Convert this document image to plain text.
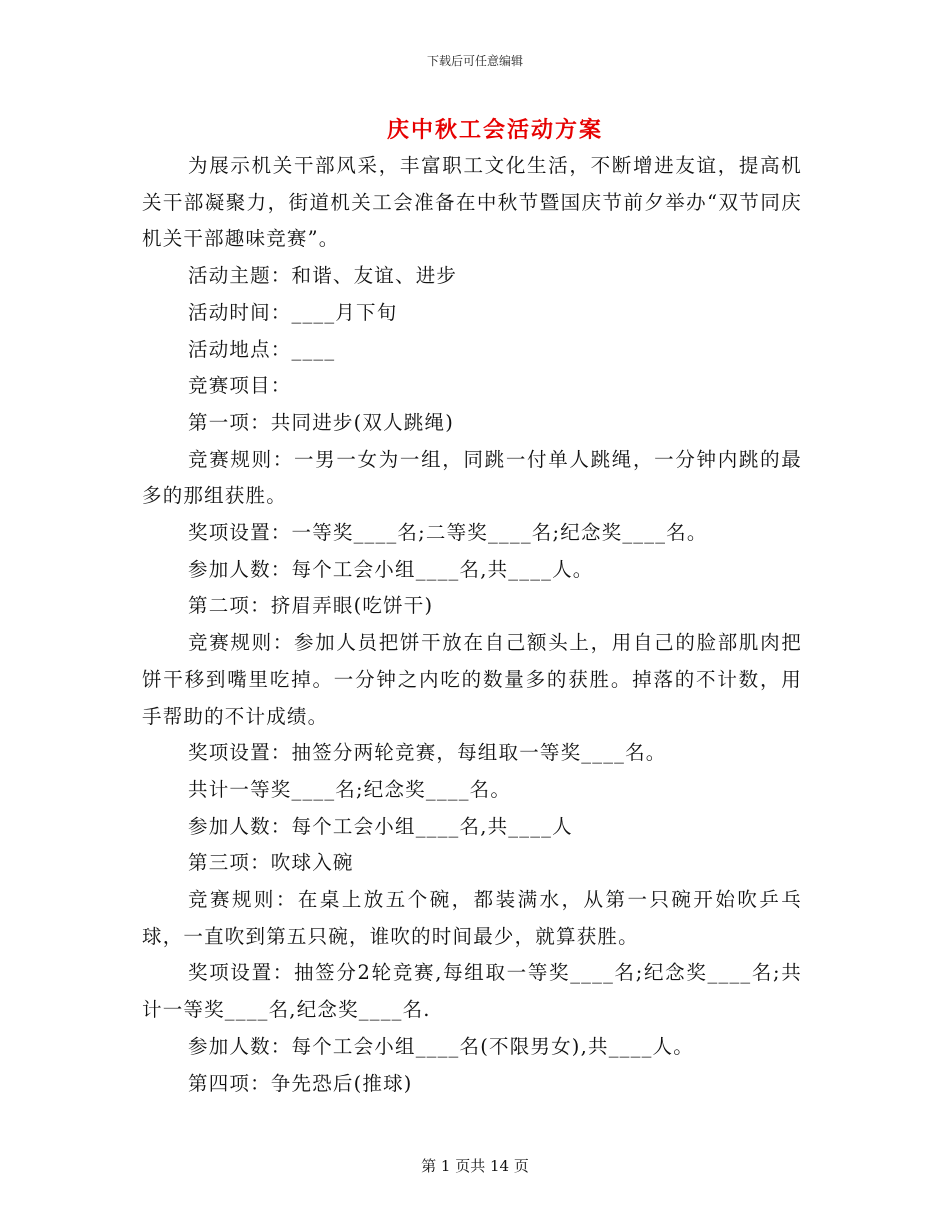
下载后可任意编辑
庆中秋工会活动方案

为展示机关干部风采，丰富职工文化生活，不断增进友谊，提高机关干部凝聚力，街道机关工会准备在中秋节暨国庆节前夕举办“双节同庆机关干部趣味竞赛”。

活动主题：和谐、友谊、进步

活动时间：____月下旬

活动地点：____

竞赛项目：

第一项：共同进步(双人跳绳)

竞赛规则：一男一女为一组，同跳一付单人跳绳，一分钟内跳的最多的那组获胜。

奖项设置：一等奖____名;二等奖____名;纪念奖____名。

参加人数：每个工会小组____名,共____人。

第二项：挤眉弄眼(吃饼干)

竞赛规则：参加人员把饼干放在自己额头上，用自己的脸部肌肉把饼干移到嘴里吃掉。一分钟之内吃的数量多的获胜。掉落的不计数，用手帮助的不计成绩。

奖项设置：抽签分两轮竞赛，每组取一等奖____名。

共计一等奖____名;纪念奖____名。

参加人数：每个工会小组____名,共____人

第三项：吹球入碗

竞赛规则：在桌上放五个碗，都装满水，从第一只碗开始吹乒乓球，一直吹到第五只碗，谁吹的时间最少，就算获胜。

奖项设置：抽签分2轮竞赛,每组取一等奖____名;纪念奖____名;共计一等奖____名,纪念奖____名.

参加人数：每个工会小组____名(不限男女),共____人。

第四项：争先恐后(推球)

第 1 页共 14 页
